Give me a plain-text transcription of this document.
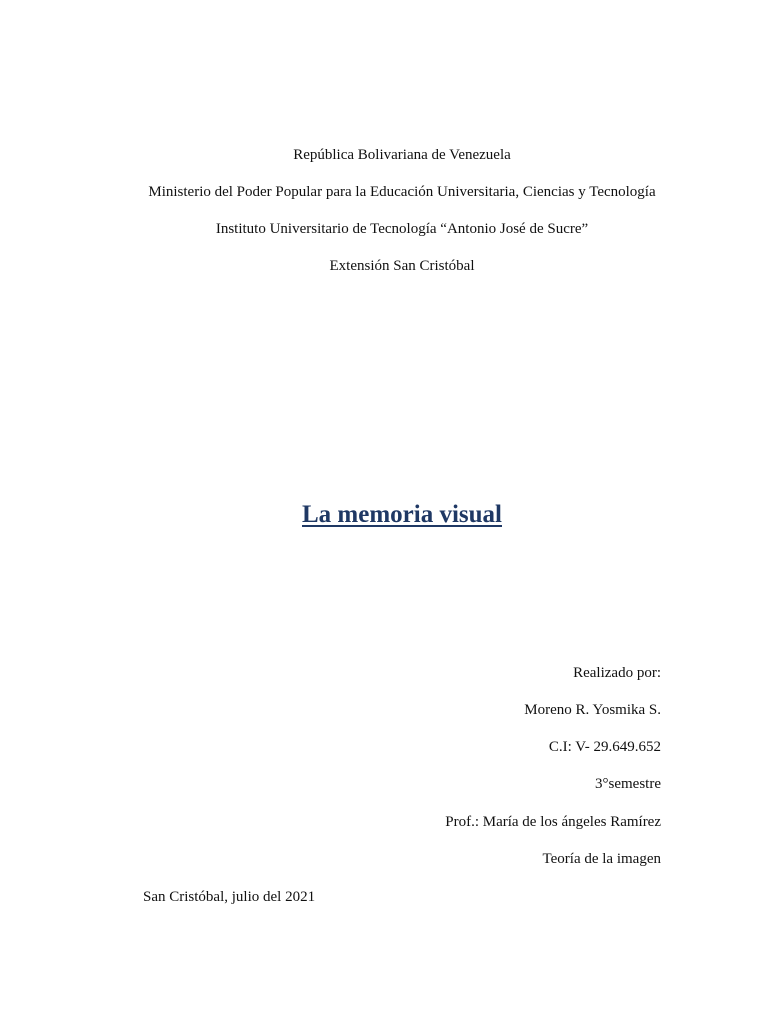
República Bolivariana de Venezuela
Ministerio del Poder Popular para la Educación Universitaria, Ciencias y Tecnología
Instituto Universitario de Tecnología “Antonio José de Sucre”
Extensión San Cristóbal
La memoria visual
Realizado por:
Moreno R. Yosmika S.
C.I: V- 29.649.652
3°semestre
Prof.: María de los ángeles Ramírez
Teoría de la imagen
San Cristóbal, julio del 2021
